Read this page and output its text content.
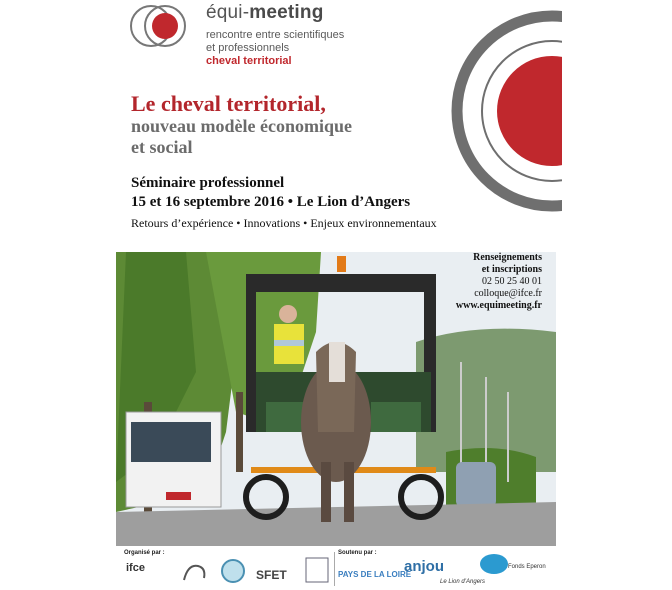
équi-meeting
rencontre entre scientifiques
et professionnels
cheval territorial
Le cheval territorial,
nouveau modèle économique
et social
Séminaire professionnel
15 et 16 septembre 2016 • Le Lion d’Angers
Retours d’expérience • Innovations • Enjeux environnementaux
Renseignements
et inscriptions
02 50 25 40 01
colloque@ifce.fr
www.equimeeting.fr
Organisé par :	Soutenu par :
ifce	SFET	PAYS DE LA LOIRE
anjou
Le Lion d’Angers
Fonds Eperon
